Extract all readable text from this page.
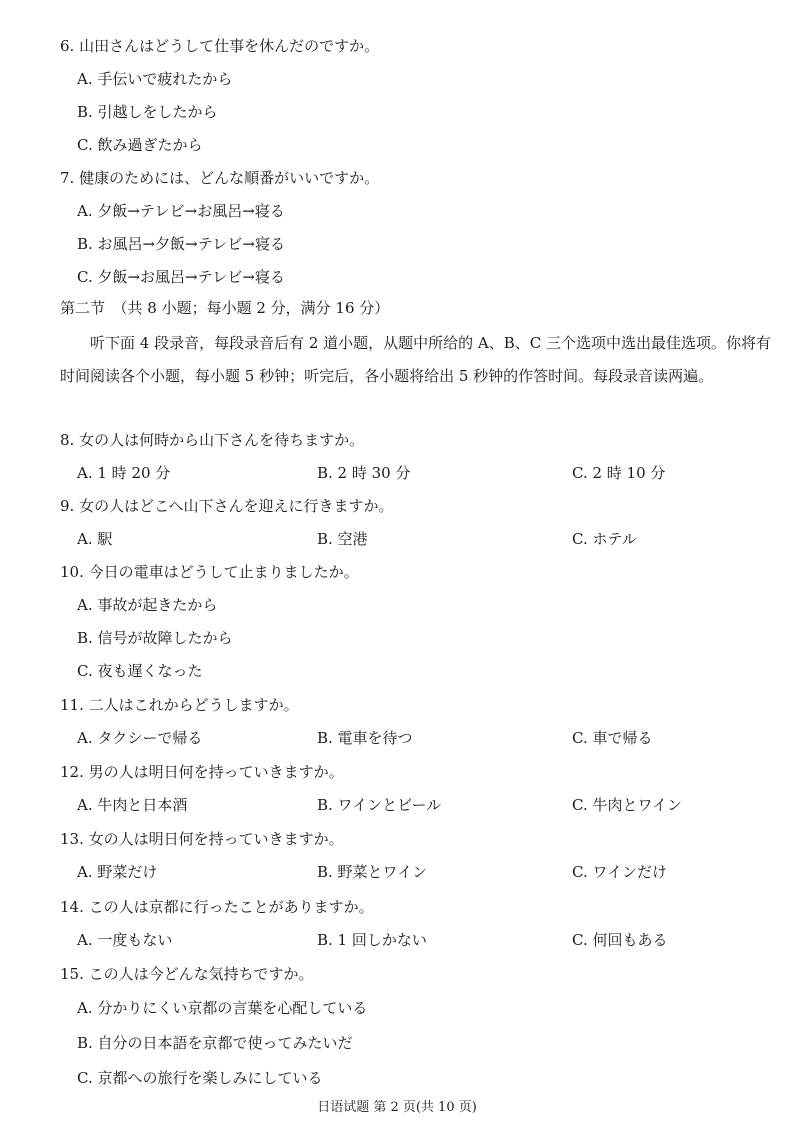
6. 山田さんはどうして仕事を休んだのですか。
A. 手伝いで疲れたから
B. 引越しをしたから
C. 飲み過ぎたから
7. 健康のためには、どんな順番がいいですか。
A. 夕飯→テレビ→お風呂→寝る
B. お風呂→夕飯→テレビ→寝る
C. 夕飯→お風呂→テレビ→寝る
第二节　（共 8 小题；每小题 2 分，满分 16 分）
听下面 4 段录音，每段录音后有 2 道小题，从题中所给的 A、B、C 三个选项中选出最佳选项。你将有时间阅读各个小题，每小题 5 秒钟；听完后，各小题将给出 5 秒钟的作答时间。每段录音读两遍。
8. 女の人は何時から山下さんを待ちますか。
A. 1 時 20 分	B. 2 時 30 分	C. 2 時 10 分
9. 女の人はどこへ山下さんを迎えに行きますか。
A. 駅	B. 空港	C. ホテル
10. 今日の電車はどうして止まりましたか。
A. 事故が起きたから
B. 信号が故障したから
C. 夜も遅くなった
11. 二人はこれからどうしますか。
A. タクシーで帰る	B. 電車を待つ	C. 車で帰る
12. 男の人は明日何を持っていきますか。
A. 牛肉と日本酒	B. ワインとビール	C. 牛肉とワイン
13. 女の人は明日何を持っていきますか。
A. 野菜だけ	B. 野菜とワイン	C. ワインだけ
14. この人は京都に行ったことがありますか。
A. 一度もない	B. 1 回しかない	C. 何回もある
15. この人は今どんな気持ちですか。
A. 分かりにくい京都の言葉を心配している
B. 自分の日本語を京都で使ってみたいだ
C. 京都への旅行を楽しみにしている
日语试题 第 2 页(共 10 页)
